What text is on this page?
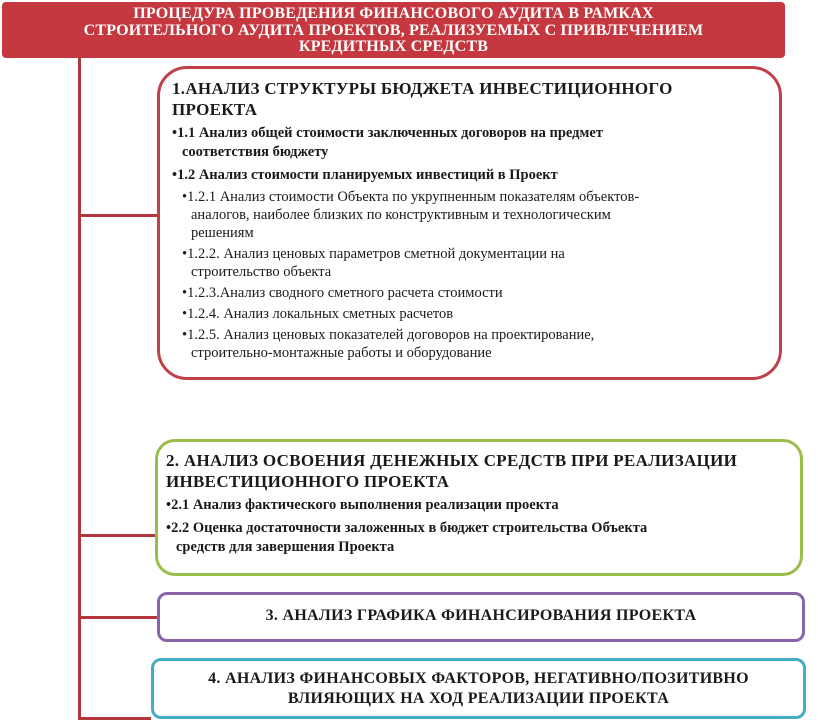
ПРОЦЕДУРА ПРОВЕДЕНИЯ ФИНАНСОВОГО АУДИТА В РАМКАХ
СТРОИТЕЛЬНОГО АУДИТА ПРОЕКТОВ, РЕАЛИЗУЕМЫХ С ПРИВЛЕЧЕНИЕМ
КРЕДИТНЫХ СРЕДСТВ
1.АНАЛИЗ СТРУКТУРЫ БЮДЖЕТА ИНВЕСТИЦИОННОГО
ПРОЕКТА
•1.1 Анализ общей стоимости заключенных договоров на предмет
соответствия бюджету
•1.2 Анализ стоимости планируемых инвестиций в Проект
•1.2.1 Анализ стоимости Объекта по укрупненным показателям объектов-
аналогов, наиболее близких по конструктивным и технологическим
решениям
•1.2.2. Анализ ценовых параметров сметной документации на
строительство объекта
•1.2.3.Анализ сводного сметного расчета стоимости
•1.2.4. Анализ локальных сметных расчетов
•1.2.5. Анализ ценовых показателей договоров на проектирование,
строительно-монтажные работы и оборудование
2. АНАЛИЗ ОСВОЕНИЯ ДЕНЕЖНЫХ СРЕДСТВ ПРИ РЕАЛИЗАЦИИ
ИНВЕСТИЦИОННОГО ПРОЕКТА
•2.1 Анализ фактического выполнения реализации проекта
•2.2 Оценка достаточности заложенных в бюджет строительства Объекта
средств для завершения Проекта
3. АНАЛИЗ ГРАФИКА ФИНАНСИРОВАНИЯ ПРОЕКТА
4. АНАЛИЗ ФИНАНСОВЫХ ФАКТОРОВ, НЕГАТИВНО/ПОЗИТИВНО
ВЛИЯЮЩИХ НА ХОД РЕАЛИЗАЦИИ ПРОЕКТА
